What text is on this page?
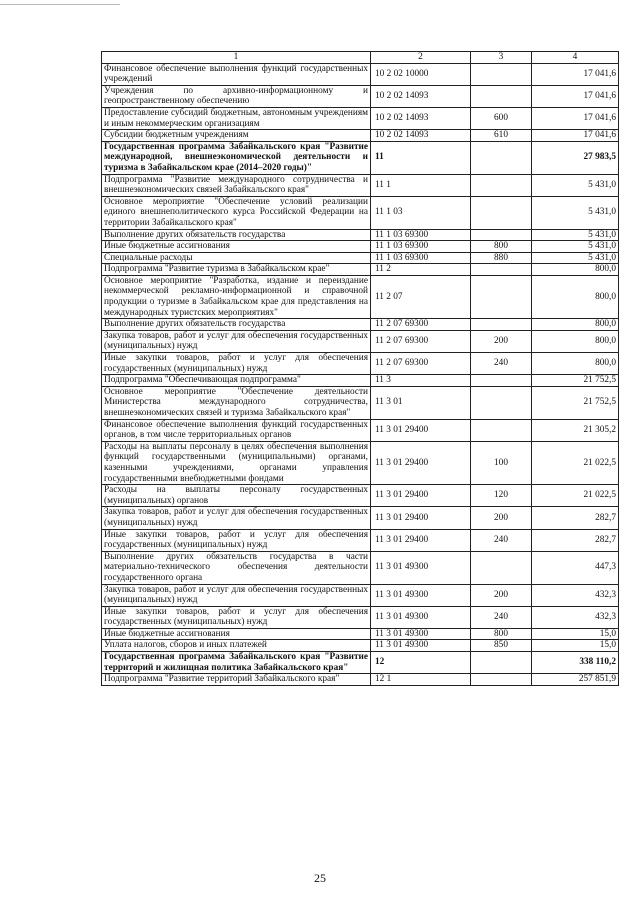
1	2	3	4
Финансовое обеспечение выполнения функций государственных учреждений	10 2 02 10000		17 041,6
Учреждения по архивно-информационному и геопространственному обеспечению	10 2 02 14093		17 041,6
Предоставление субсидий бюджетным, автономным учреждениям и иным некоммерческим организациям	10 2 02 14093	600	17 041,6
Субсидии бюджетным учреждениям	10 2 02 14093	610	17 041,6
Государственная программа Забайкальского края "Развитие международной, внешнеэкономической деятельности и туризма в Забайкальском крае (2014–2020 годы)"	11		27 983,5
Подпрограмма "Развитие международного сотрудничества и внешнеэкономических связей Забайкальского края"	11 1		5 431,0
Основное мероприятие "Обеспечение условий реализации единого внешнеполитического курса Российской Федерации на территории Забайкальского края"	11 1 03		5 431,0
Выполнение других обязательств государства	11 1 03 69300		5 431,0
Иные бюджетные ассигнования	11 1 03 69300	800	5 431,0
Специальные расходы	11 1 03 69300	880	5 431,0
Подпрограмма "Развитие туризма в Забайкальском крае"	11 2		800,0
Основное мероприятие "Разработка, издание и переиздание некоммерческой рекламно-информационной и справочной продукции о туризме в Забайкальском крае для представления на международных туристских мероприятиях"	11 2 07		800,0
Выполнение других обязательств государства	11 2 07 69300		800,0
Закупка товаров, работ и услуг для обеспечения государственных (муниципальных) нужд	11 2 07 69300	200	800,0
Иные закупки товаров, работ и услуг для обеспечения государственных (муниципальных) нужд	11 2 07 69300	240	800,0
Подпрограмма "Обеспечивающая подпрограмма"	11 3		21 752,5
Основное мероприятие "Обеспечение деятельности Министерства международного сотрудничества, внешнеэкономических связей и туризма Забайкальского края"	11 3 01		21 752,5
Финансовое обеспечение выполнения функций государственных органов, в том числе территориальных органов	11 3 01 29400		21 305,2
Расходы на выплаты персоналу в целях обеспечения выполнения функций государственными (муниципальными) органами, казенными учреждениями, органами управления государственными внебюджетными фондами	11 3 01 29400	100	21 022,5
Расходы на выплаты персоналу государственных (муниципальных) органов	11 3 01 29400	120	21 022,5
Закупка товаров, работ и услуг для обеспечения государственных (муниципальных) нужд	11 3 01 29400	200	282,7
Иные закупки товаров, работ и услуг для обеспечения государственных (муниципальных) нужд	11 3 01 29400	240	282,7
Выполнение других обязательств государства в части материально-технического обеспечения деятельности государственного органа	11 3 01 49300		447,3
Закупка товаров, работ и услуг для обеспечения государственных (муниципальных) нужд	11 3 01 49300	200	432,3
Иные закупки товаров, работ и услуг для обеспечения государственных (муниципальных) нужд	11 3 01 49300	240	432,3
Иные бюджетные ассигнования	11 3 01 49300	800	15,0
Уплата налогов, сборов и иных платежей	11 3 01 49300	850	15,0
Государственная программа Забайкальского края "Развитие территорий и жилищная политика Забайкальского края"	12		338 110,2
Подпрограмма "Развитие территорий Забайкальского края"	12 1		257 851,9
25
